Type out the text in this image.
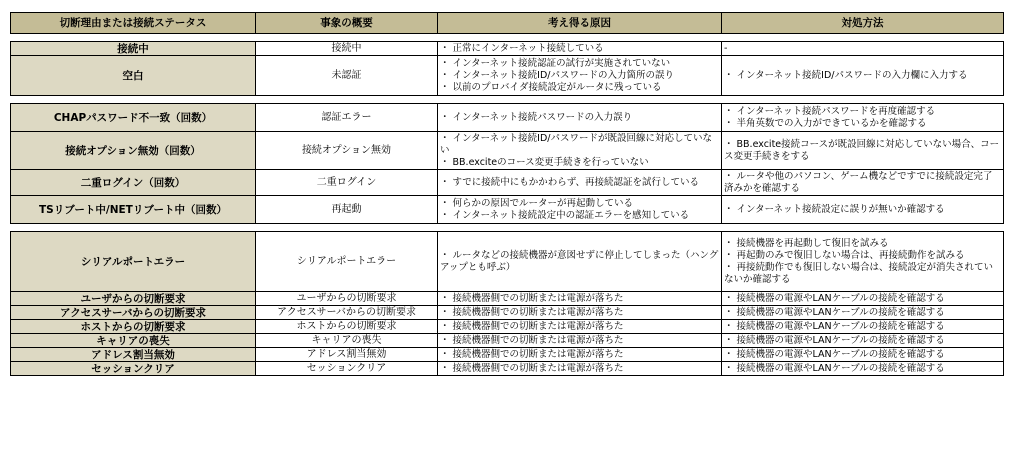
切断理由または接続ステータス	事象の概要	考え得る原因	対処方法

接続中	接続中	・ 正常にインターネット接続している	-

空白	未認証	・ インターネット接続認証の試行が実施されていない
・ インターネット接続ID/パスワードの入力箇所の誤り
・ 以前のプロバイダ接続設定がルータに残っている	・ インターネット接続ID/パスワードの入力欄に入力する

CHAPパスワード不一致（回数）	認証エラー	・ インターネット接続パスワードの入力誤り	・ インターネット接続パスワードを再度確認する
・ 半角英数での入力ができているかを確認する

接続オプション無効（回数）	接続オプション無効	・ インターネット接続ID/パスワードが既設回線に対応していない
・ BB.exciteのコース変更手続きを行っていない	・ BB.excite接続コースが既設回線に対応していない場合、コース変更手続きをする

二重ログイン（回数）	二重ログイン	・ すでに接続中にもかかわらず、再接続認証を試行している	・ ルータや他のパソコン、ゲーム機などですでに接続設定完了済みかを確認する

TSリブート中/NETリブート中（回数）	再起動	・ 何らかの原因でルーターが再起動している
・ インターネット接続設定中の認証エラーを感知している	・ インターネット接続設定に誤りが無いか確認する

シリアルポートエラー	シリアルポートエラー	・ ルータなどの接続機器が意図せずに停止してしまった（ハングアップとも呼ぶ）	・ 接続機器を再起動して復旧を試みる
・ 再起動のみで復旧しない場合は、再接続動作を試みる
・ 再接続動作でも復旧しない場合は、接続設定が消失されていないか確認する

ユーザからの切断要求	ユーザからの切断要求	・ 接続機器側での切断または電源が落ちた	・ 接続機器の電源やLANケーブルの接続を確認する

アクセスサーバからの切断要求	アクセスサーバからの切断要求	・ 接続機器側での切断または電源が落ちた	・ 接続機器の電源やLANケーブルの接続を確認する

ホストからの切断要求	ホストからの切断要求	・ 接続機器側での切断または電源が落ちた	・ 接続機器の電源やLANケーブルの接続を確認する

キャリアの喪失	キャリアの喪失	・ 接続機器側での切断または電源が落ちた	・ 接続機器の電源やLANケーブルの接続を確認する

アドレス割当無効	アドレス割当無効	・ 接続機器側での切断または電源が落ちた	・ 接続機器の電源やLANケーブルの接続を確認する

セッションクリア	セッションクリア	・ 接続機器側での切断または電源が落ちた	・ 接続機器の電源やLANケーブルの接続を確認する
